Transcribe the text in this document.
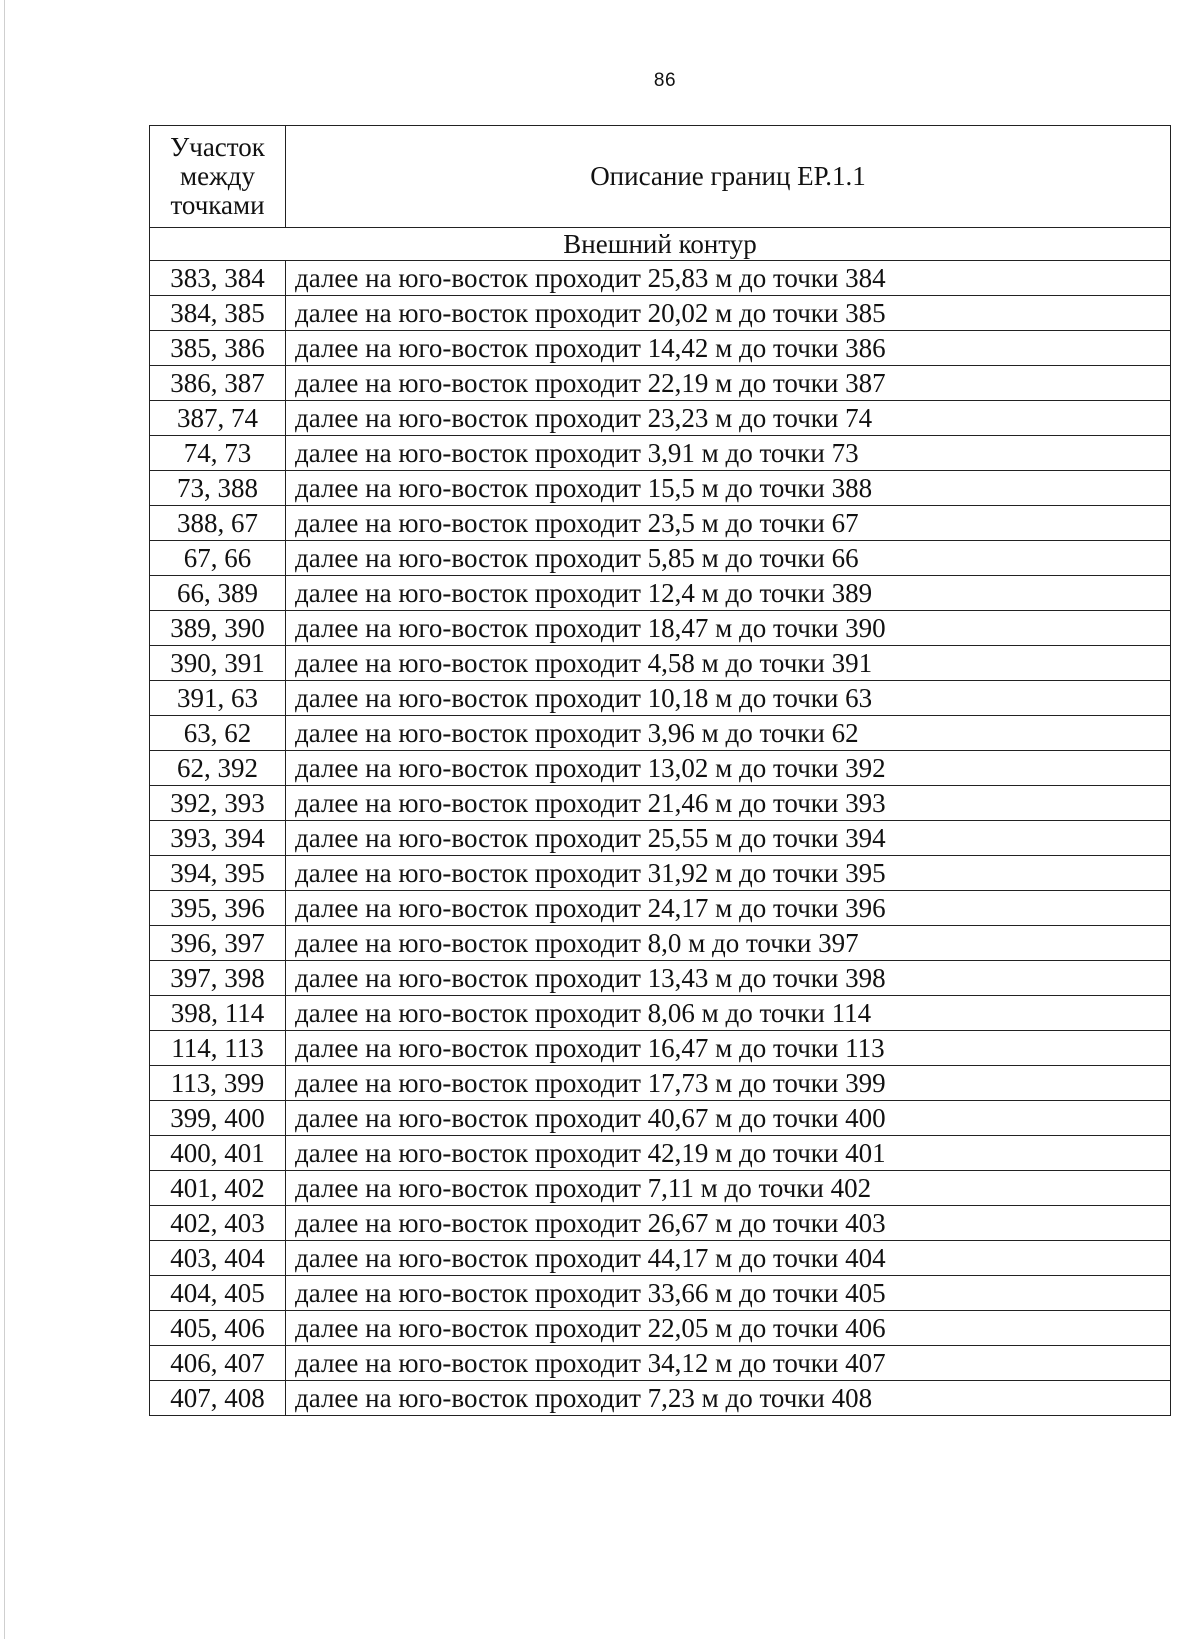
86
Участок
между
точками	Описание границ ЕР.1.1
Внешний контур	
383, 384	далее на юго-восток проходит 25,83 м до точки 384
384, 385	далее на юго-восток проходит 20,02 м до точки 385
385, 386	далее на юго-восток проходит 14,42 м до точки 386
386, 387	далее на юго-восток проходит 22,19 м до точки 387
387, 74	далее на юго-восток проходит 23,23 м до точки 74
74, 73	далее на юго-восток проходит 3,91 м до точки 73
73, 388	далее на юго-восток проходит 15,5 м до точки 388
388, 67	далее на юго-восток проходит 23,5 м до точки 67
67, 66	далее на юго-восток проходит 5,85 м до точки 66
66, 389	далее на юго-восток проходит 12,4 м до точки 389
389, 390	далее на юго-восток проходит 18,47 м до точки 390
390, 391	далее на юго-восток проходит 4,58 м до точки 391
391, 63	далее на юго-восток проходит 10,18 м до точки 63
63, 62	далее на юго-восток проходит 3,96 м до точки 62
62, 392	далее на юго-восток проходит 13,02 м до точки 392
392, 393	далее на юго-восток проходит 21,46 м до точки 393
393, 394	далее на юго-восток проходит 25,55 м до точки 394
394, 395	далее на юго-восток проходит 31,92 м до точки 395
395, 396	далее на юго-восток проходит 24,17 м до точки 396
396, 397	далее на юго-восток проходит 8,0 м до точки 397
397, 398	далее на юго-восток проходит 13,43 м до точки 398
398, 114	далее на юго-восток проходит 8,06 м до точки 114
114, 113	далее на юго-восток проходит 16,47 м до точки 113
113, 399	далее на юго-восток проходит 17,73 м до точки 399
399, 400	далее на юго-восток проходит 40,67 м до точки 400
400, 401	далее на юго-восток проходит 42,19 м до точки 401
401, 402	далее на юго-восток проходит 7,11 м до точки 402
402, 403	далее на юго-восток проходит 26,67 м до точки 403
403, 404	далее на юго-восток проходит 44,17 м до точки 404
404, 405	далее на юго-восток проходит 33,66 м до точки 405
405, 406	далее на юго-восток проходит 22,05 м до точки 406
406, 407	далее на юго-восток проходит 34,12 м до точки 407
407, 408	далее на юго-восток проходит 7,23 м до точки 408
